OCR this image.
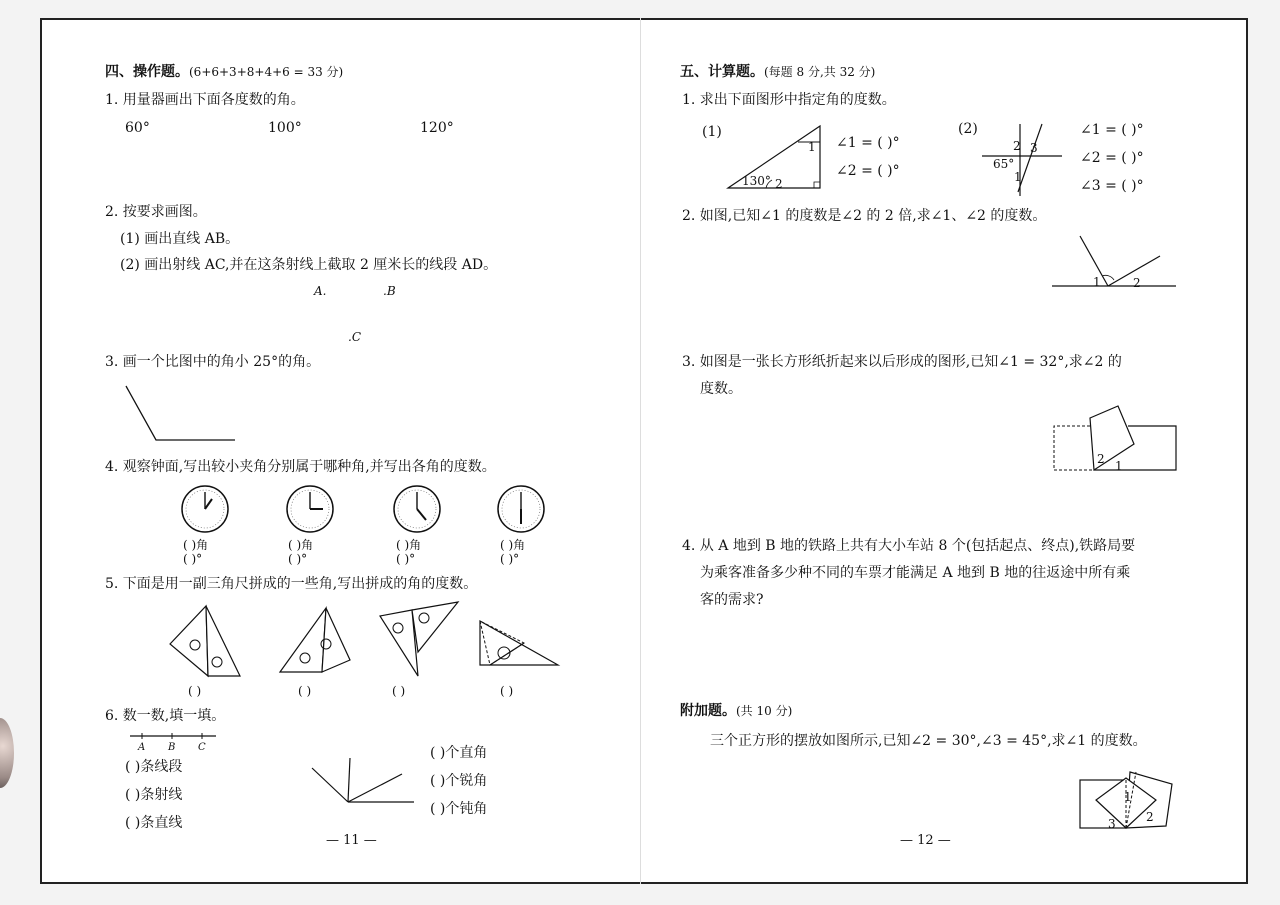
四、操作题。(6+6+3+8+4+6 = 33 分)
1. 用量器画出下面各度数的角。
60°	100°	120°
2. 按要求画图。
(1) 画出直线 AB。
(2) 画出射线 AC,并在这条射线上截取 2 厘米长的线段 AD。
A.	.B
.C
3. 画一个比图中的角小 25°的角。
4. 观察钟面,写出较小夹角分别属于哪种角,并写出各角的度数。
( )角
( )°
( )角
( )°
( )角
( )°
( )角
( )°
5. 下面是用一副三角尺拼成的一些角,写出拼成的角的度数。
( )	( )	( )	( )
6. 数一数,填一填。
A B C
( )条线段
( )条射线
( )条直线
( )个直角
( )个锐角
( )个钝角
— 11 —
五、计算题。(每题 8 分,共 32 分)
1. 求出下面图形中指定角的度数。
(1)
130°
1
2
∠1 = ( )°
∠2 = ( )°
(2)
65°
2 3
1
∠1 = ( )°
∠2 = ( )°
∠3 = ( )°
2. 如图,已知∠1 的度数是∠2 的 2 倍,求∠1、∠2 的度数。
1	2
3. 如图是一张长方形纸折起来以后形成的图形,已知∠1 = 32°,求∠2 的
度数。
2 1
4. 从 A 地到 B 地的铁路上共有大小车站 8 个(包括起点、终点),铁路局要
为乘客准备多少种不同的车票才能满足 A 地到 B 地的往返途中所有乘
客的需求?
附加题。(共 10 分)
三个正方形的摆放如图所示,已知∠2 = 30°,∠3 = 45°,求∠1 的度数。
1
2
3
— 12 —
